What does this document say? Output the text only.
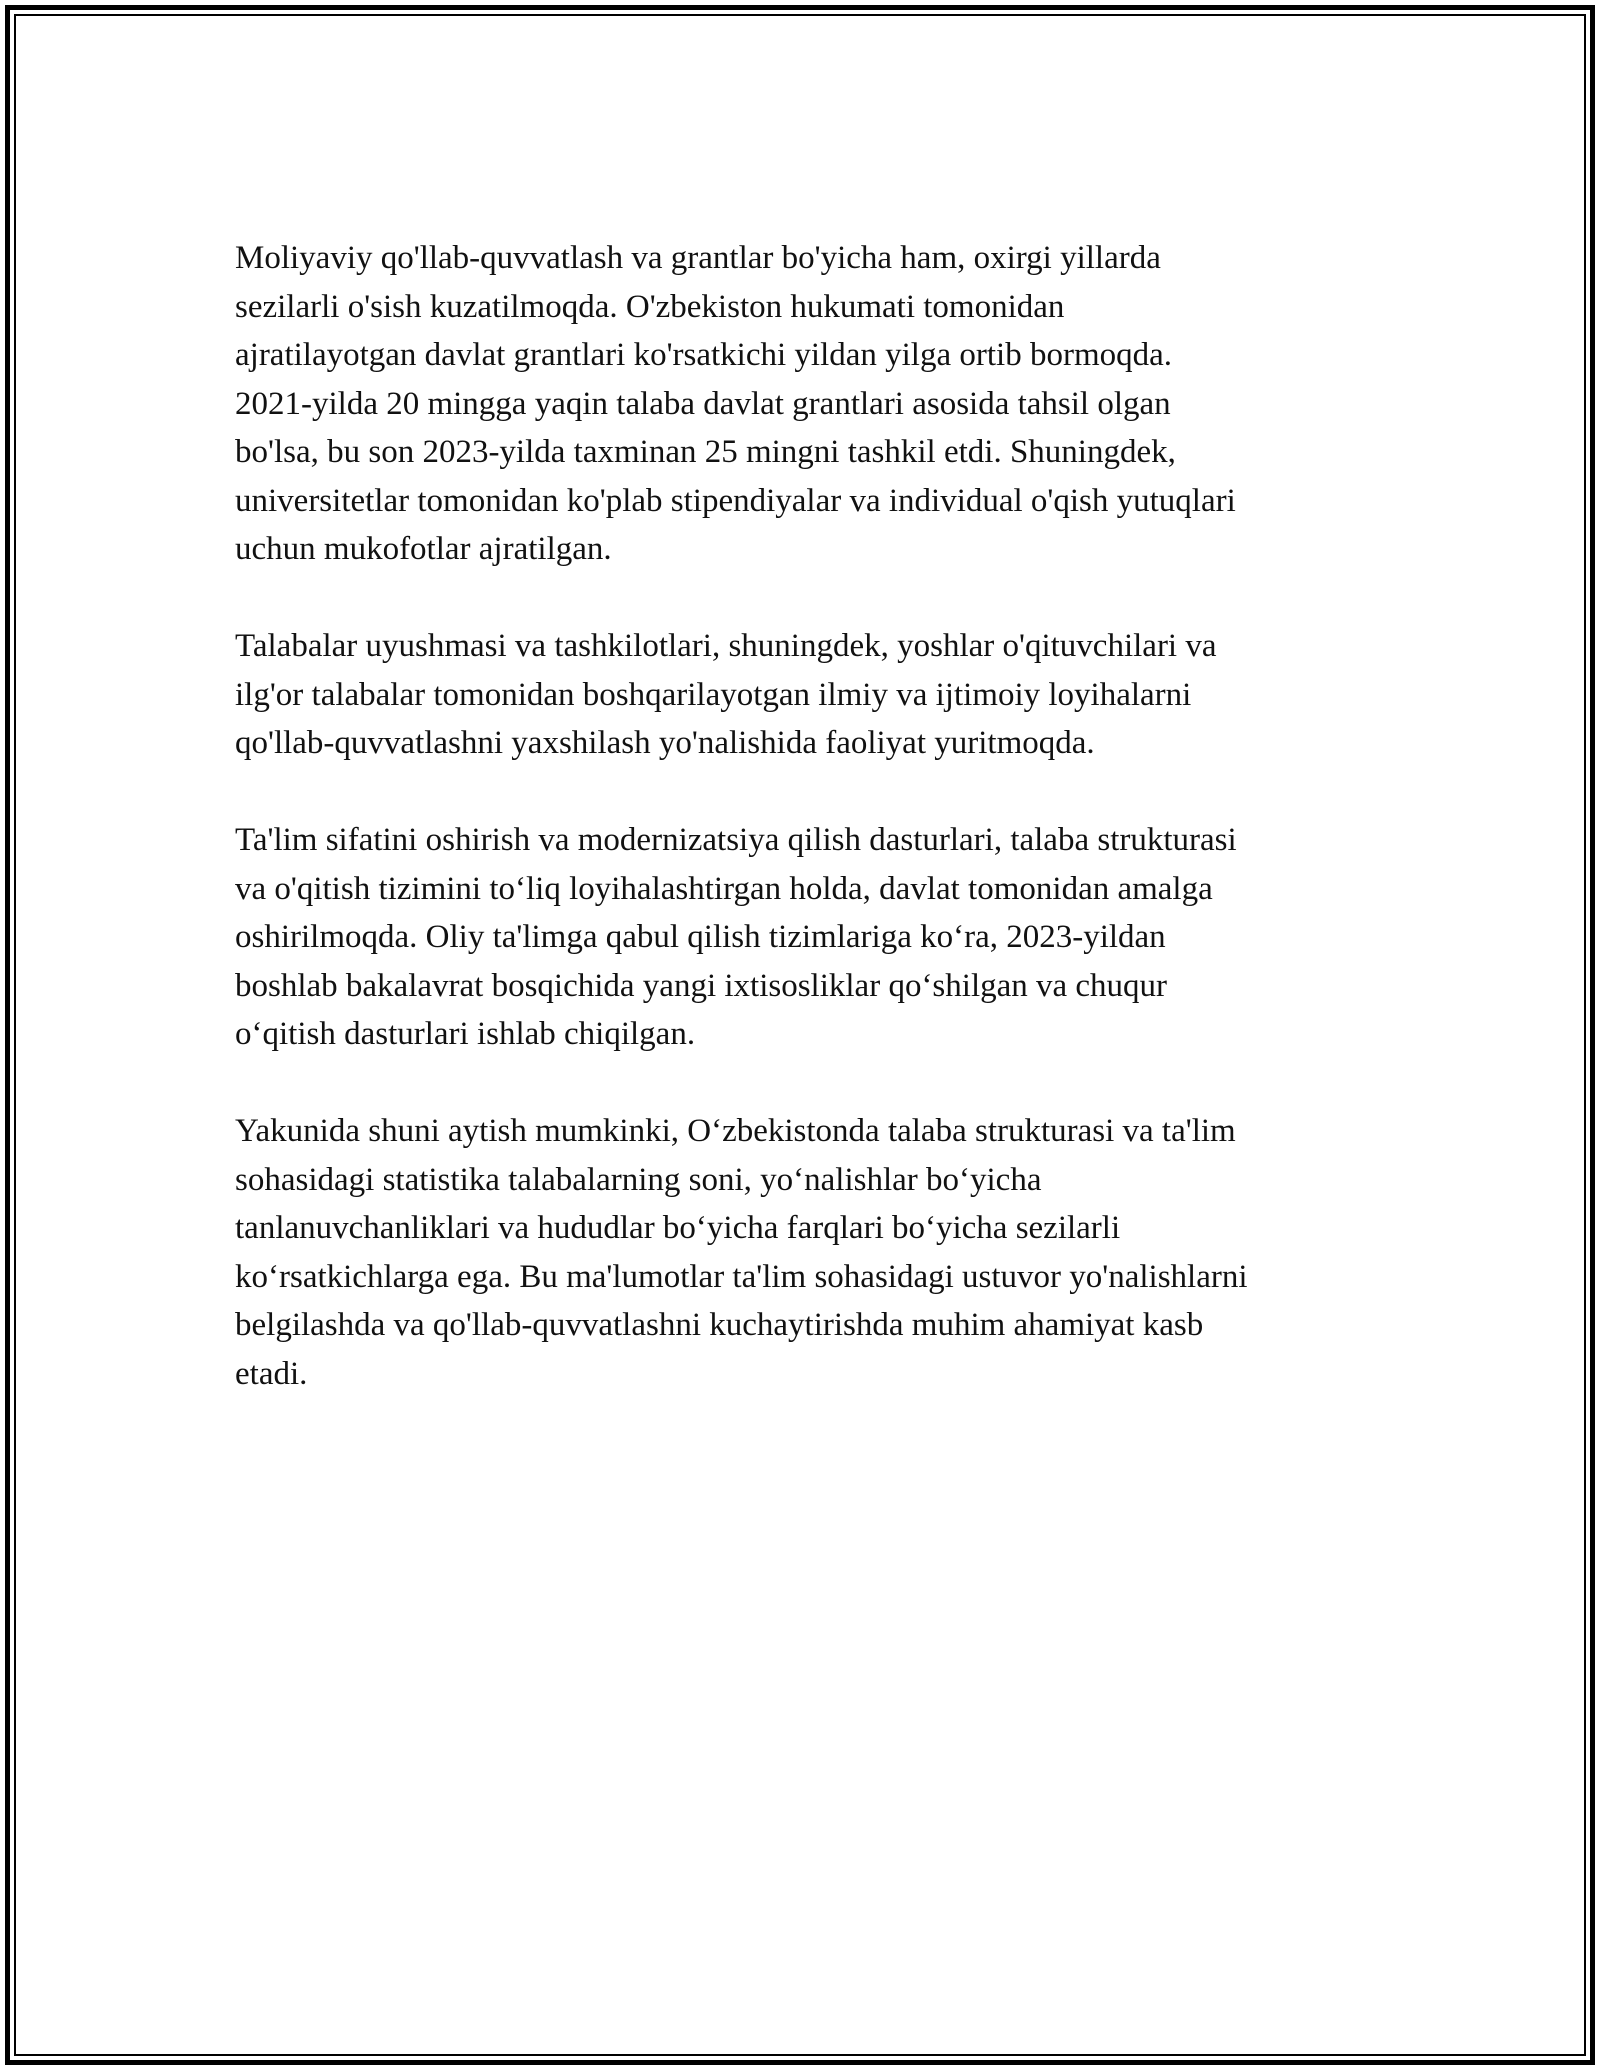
Moliyaviy qo'llab-quvvatlash va grantlar bo'yicha ham, oxirgi yillarda
sezilarli o'sish kuzatilmoqda. O'zbekiston hukumati tomonidan
ajratilayotgan davlat grantlari ko'rsatkichi yildan yilga ortib bormoqda.
2021-yilda 20 mingga yaqin talaba davlat grantlari asosida tahsil olgan
bo'lsa, bu son 2023-yilda taxminan 25 mingni tashkil etdi. Shuningdek,
universitetlar tomonidan ko'plab stipendiyalar va individual o'qish yutuqlari
uchun mukofotlar ajratilgan.

Talabalar uyushmasi va tashkilotlari, shuningdek, yoshlar o'qituvchilari va
ilg'or talabalar tomonidan boshqarilayotgan ilmiy va ijtimoiy loyihalarni
qo'llab-quvvatlashni yaxshilash yo'nalishida faoliyat yuritmoqda.

Ta'lim sifatini oshirish va modernizatsiya qilish dasturlari, talaba strukturasi
va o'qitish tizimini to‘liq loyihalashtirgan holda, davlat tomonidan amalga
oshirilmoqda. Oliy ta'limga qabul qilish tizimlariga ko‘ra, 2023-yildan
boshlab bakalavrat bosqichida yangi ixtisosliklar qo‘shilgan va chuqur
o‘qitish dasturlari ishlab chiqilgan.

Yakunida shuni aytish mumkinki, O‘zbekistonda talaba strukturasi va ta'lim
sohasidagi statistika talabalarning soni, yo‘nalishlar bo‘yicha
tanlanuvchanliklari va hududlar bo‘yicha farqlari bo‘yicha sezilarli
ko‘rsatkichlarga ega. Bu ma'lumotlar ta'lim sohasidagi ustuvor yo'nalishlarni
belgilashda va qo'llab-quvvatlashni kuchaytirishda muhim ahamiyat kasb
etadi.
